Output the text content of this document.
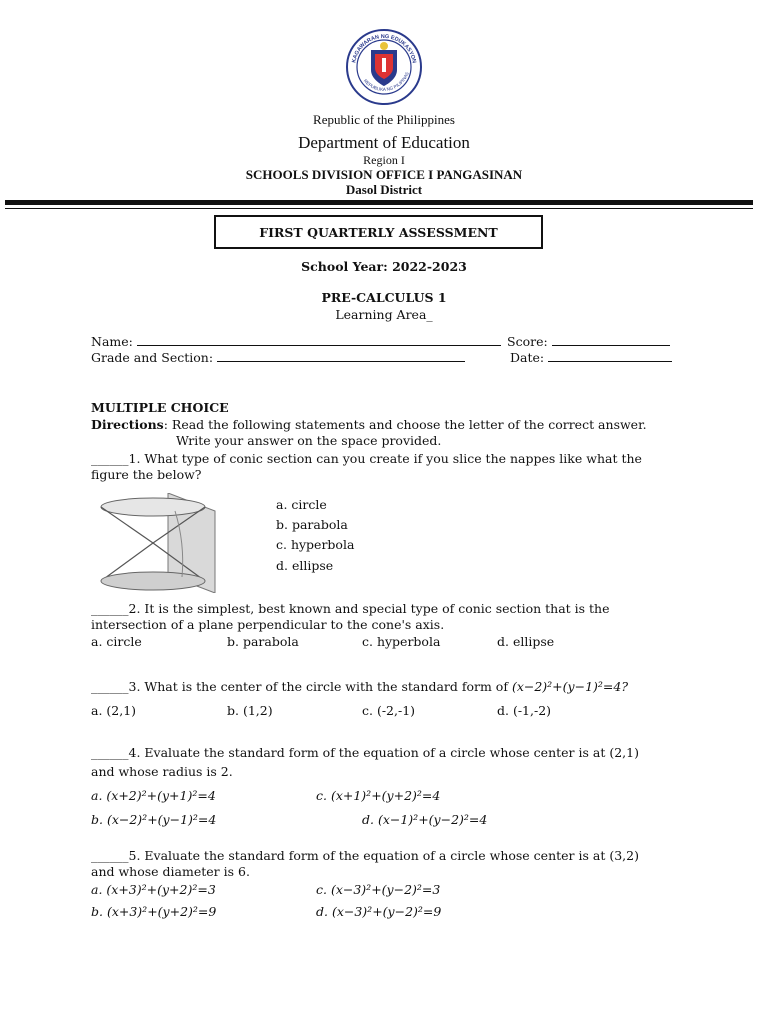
KAGAWARAN NG EDUKASYON
REPUBLIKA NG PILIPINAS
Republic of the Philippines
Department of Education
Region I
SCHOOLS DIVISION OFFICE I PANGASINAN
Dasol District
FIRST QUARTERLY ASSESSMENT
School Year: 2022-2023
PRE-CALCULUS 1
Learning Area_
Name:	Score:
Grade and Section:	Date:
MULTIPLE CHOICE
Directions: Read the following statements and choose the letter of the correct answer.
Write your answer on the space provided.
______1. What type of conic section can you create if you slice the nappes like what the
figure the below?
a. circle
b. parabola
c. hyperbola
d. ellipse
______2. It is the simplest, best known and special type of conic section that is the
intersection of a plane perpendicular to the cone's axis.
a. circle	b. parabola	c. hyperbola	d. ellipse
______3. What is the center of the circle with the standard form of (x−2)²+(y−1)²=4?
a. (2,1)	b. (1,2)	c. (-2,-1)	d. (-1,-2)
______4. Evaluate the standard form of the equation of a circle whose center is at (2,1)
and whose radius is 2.
a. (x+2)²+(y+1)²=4	c. (x+1)²+(y+2)²=4
b. (x−2)²+(y−1)²=4	d. (x−1)²+(y−2)²=4
______5. Evaluate the standard form of the equation of a circle whose center is at (3,2)
and whose diameter is 6.
a. (x+3)²+(y+2)²=3	c. (x−3)²+(y−2)²=3
b. (x+3)²+(y+2)²=9	d. (x−3)²+(y−2)²=9
